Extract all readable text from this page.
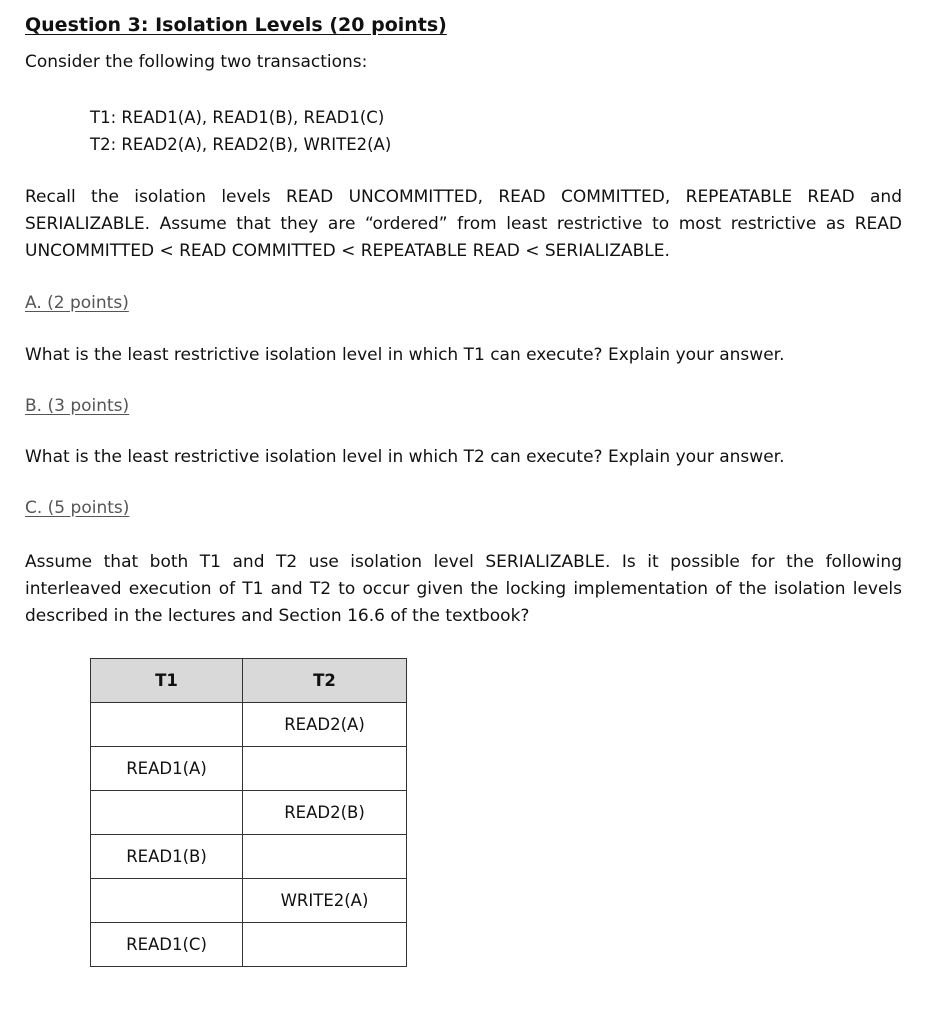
Question 3: Isolation Levels (20 points)
Consider the following two transactions:
T1: READ1(A), READ1(B), READ1(C)
T2: READ2(A), READ2(B), WRITE2(A)
Recall the isolation levels READ UNCOMMITTED, READ COMMITTED, REPEATABLE READ and SERIALIZABLE. Assume that they are “ordered” from least restrictive to most restrictive as READ UNCOMMITTED < READ COMMITTED < REPEATABLE READ < SERIALIZABLE.
A. (2 points)
What is the least restrictive isolation level in which T1 can execute? Explain your answer.
B. (3 points)
What is the least restrictive isolation level in which T2 can execute? Explain your answer.
C. (5 points)
Assume that both T1 and T2 use isolation level SERIALIZABLE. Is it possible for the following interleaved execution of T1 and T2 to occur given the locking implementation of the isolation levels described in the lectures and Section 16.6 of the textbook?
T1	T2
	READ2(A)
READ1(A)	
	READ2(B)
READ1(B)	
	WRITE2(A)
READ1(C)	
